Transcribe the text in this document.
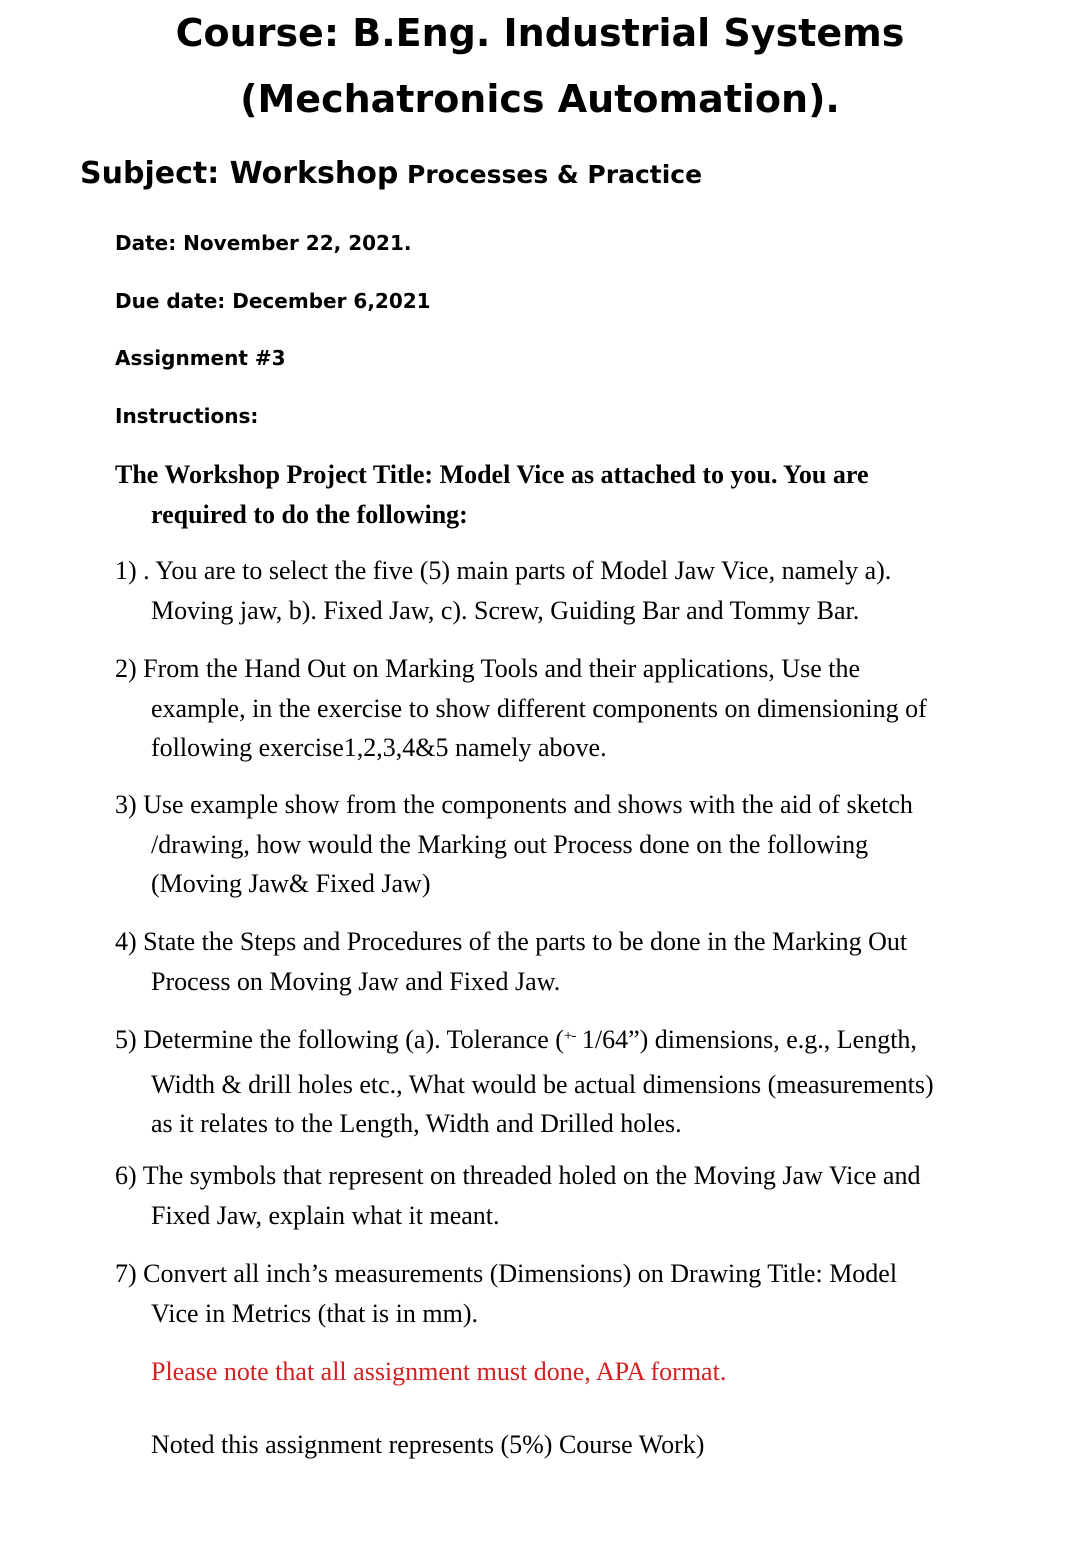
Course: B.Eng. Industrial Systems
(Mechatronics Automation).
Subject: Workshop Processes & Practice
Date: November 22, 2021.
Due date: December 6,2021
Assignment #3
Instructions:
The Workshop Project Title: Model Vice as attached to you. You are
required to do the following:
1) . You are to select the five (5) main parts of Model Jaw Vice, namely a).
Moving jaw, b). Fixed Jaw, c). Screw, Guiding Bar and Tommy Bar.
2) From the Hand Out on Marking Tools and their applications, Use the
example, in the exercise to show different components on dimensioning of
following exercise1,2,3,4&5 namely above.
3) Use example show from the components and shows with the aid of sketch
/drawing, how would the Marking out Process done on the following
(Moving Jaw& Fixed Jaw)
4) State the Steps and Procedures of the parts to be done in the Marking Out
Process on Moving Jaw and Fixed Jaw.
5) Determine the following (a). Tolerance (+- 1/64”) dimensions, e.g., Length,
Width & drill holes etc., What would be actual dimensions (measurements)
as it relates to the Length, Width and Drilled holes.
6) The symbols that represent on threaded holed on the Moving Jaw Vice and
Fixed Jaw, explain what it meant.
7) Convert all inch’s measurements (Dimensions) on Drawing Title: Model
Vice in Metrics (that is in mm).
Please note that all assignment must done, APA format.
Noted this assignment represents (5%) Course Work)
